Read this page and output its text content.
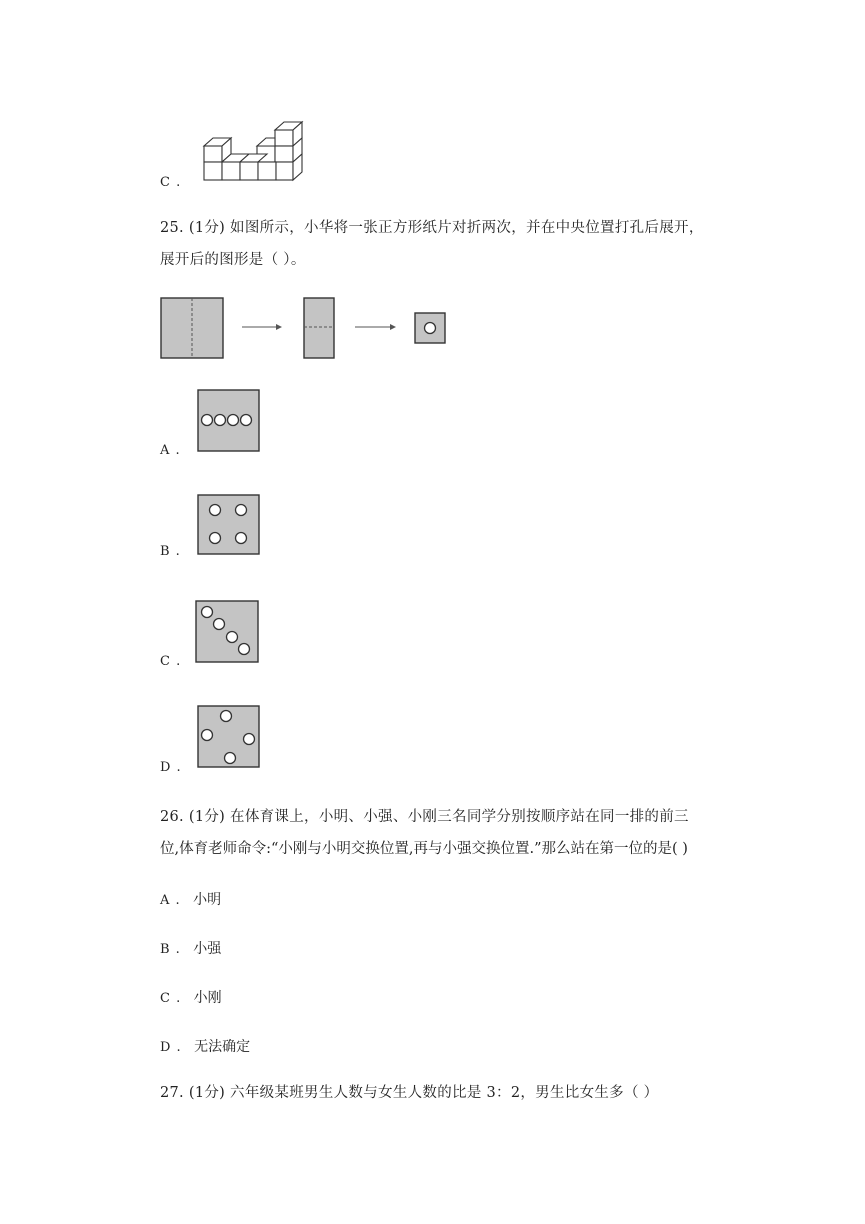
C .
25. (1分) 如图所示，小华将一张正方形纸片对折两次，并在中央位置打孔后展开，
展开后的图形是（ ）。
A .
B .
C .
D .
26. (1分) 在体育课上，小明、小强、小刚三名同学分别按顺序站在同一排的前三
位,体育老师命令:“小刚与小明交换位置,再与小强交换位置.”那么站在第一位的是( )
A . 小明
B . 小强
C . 小刚
D . 无法确定
27. (1分) 六年级某班男生人数与女生人数的比是 3：2，男生比女生多（ ）
